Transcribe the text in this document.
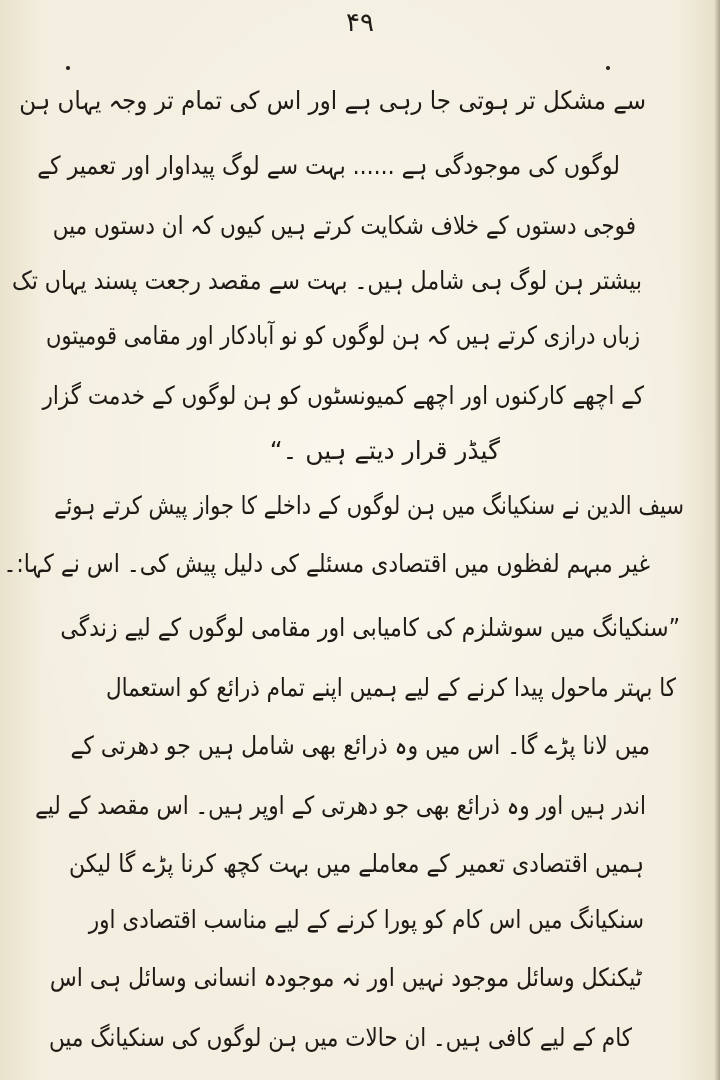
۴۹
سے مشکل تر ہوتی جا رہی ہے اور اس کی تمام تر وجہ یہاں ہن
لوگوں کی موجودگی ہے ...... بہت سے لوگ پیداوار اور تعمیر کے
فوجی دستوں کے خلاف شکایت کرتے ہیں کیوں کہ ان دستوں میں
بیشتر ہن لوگ ہی شامل ہیں۔ بہت سے مقصد رجعت پسند یہاں تک
زباں درازی کرتے ہیں کہ ہن لوگوں کو نو آبادکار اور مقامی قومیتوں
کے اچھے کارکنوں اور اچھے کمیونسٹوں کو ہن لوگوں کے خدمت گزار
گیڈر قرار دیتے ہیں ۔“
سیف الدین نے سنکیانگ میں ہن لوگوں کے داخلے کا جواز پیش کرتے ہوئے
غیر مبہم لفظوں میں اقتصادی مسئلے کی دلیل پیش کی۔ اس نے کہا:۔
”سنکیانگ میں سوشلزم کی کامیابی اور مقامی لوگوں کے لیے زندگی
کا بہتر ماحول پیدا کرنے کے لیے ہمیں اپنے تمام ذرائع کو استعمال
میں لانا پڑے گا۔ اس میں وہ ذرائع بھی شامل ہیں جو دھرتی کے
اندر ہیں اور وہ ذرائع بھی جو دھرتی کے اوپر ہیں۔ اس مقصد کے لیے
ہمیں اقتصادی تعمیر کے معاملے میں بہت کچھ کرنا پڑے گا لیکن
سنکیانگ میں اس کام کو پورا کرنے کے لیے مناسب اقتصادی اور
ٹیکنکل وسائل موجود نہیں اور نہ موجودہ انسانی وسائل ہی اس
کام کے لیے کافی ہیں۔ ان حالات میں ہن لوگوں کی سنکیانگ میں
